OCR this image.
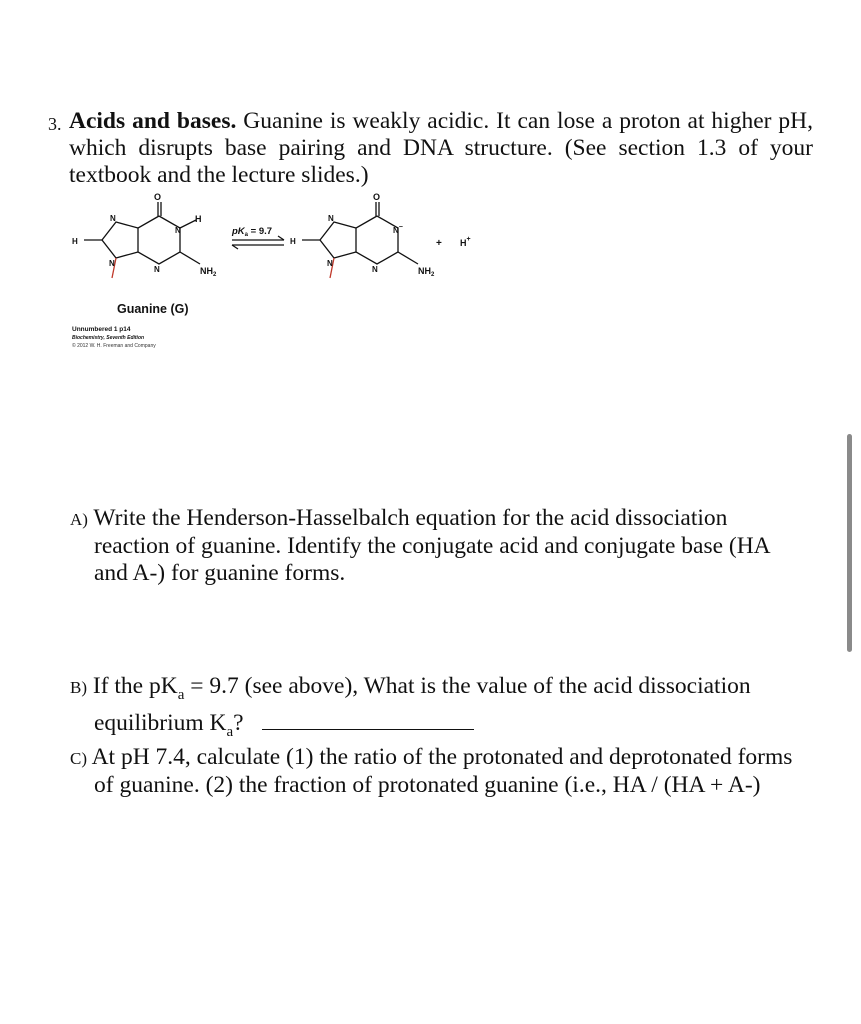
3. Acids and bases. Guanine is weakly acidic. It can lose a proton at higher pH, which disrupts base pairing and DNA structure. (See section 1.3 of your textbook and the lecture slides.)
O
N
N
H
H
N
N	$NH_2$
$pK_a = 9.7$
O
N
N−
H
N
N	$NH_2$
+ H+
Guanine (G)
Unnumbered 1 p14
Biochemistry, Seventh Edition
© 2012 W. H. Freeman and Company
A) Write the Henderson-Hasselbalch equation for the acid dissociation
reaction of guanine. Identify the conjugate acid and conjugate base (HA
and A-) for guanine forms.
B) If the $pK_a = 9.7$ (see above), What is the value of the acid dissociation
equilibrium $K_a$?
C) At pH 7.4, calculate (1) the ratio of the protonated and deprotonated forms
of guanine. (2) the fraction of protonated guanine (i.e., HA / (HA + A-)
